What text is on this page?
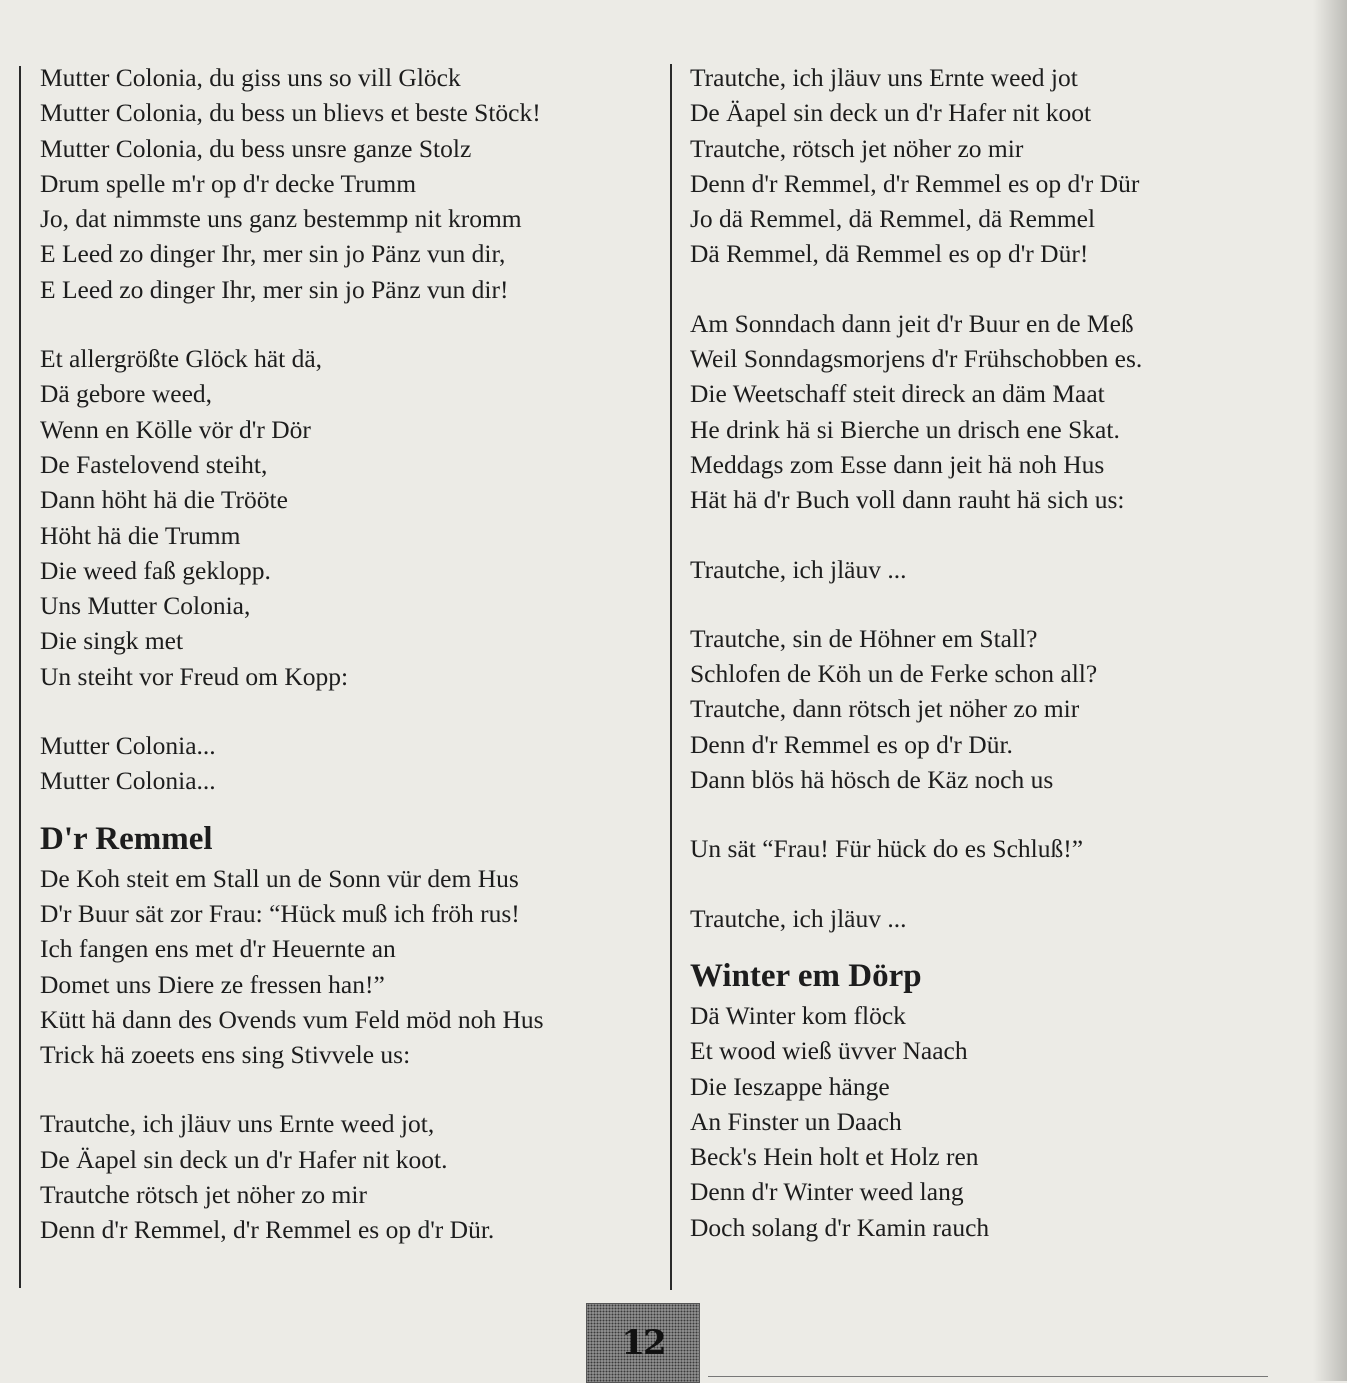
Mutter Colonia, du giss uns so vill Glöck
Mutter Colonia, du bess un blievs et beste Stöck!
Mutter Colonia, du bess unsre ganze Stolz
Drum spelle m'r op d'r decke Trumm
Jo, dat nimmste uns ganz bestemmp nit kromm
E Leed zo dinger Ihr, mer sin jo Pänz vun dir,
E Leed zo dinger Ihr, mer sin jo Pänz vun dir!
Et allergrößte Glöck hät dä,
Dä gebore weed,
Wenn en Kölle vör d'r Dör
De Fastelovend steiht,
Dann höht hä die Trööte
Höht hä die Trumm
Die weed faß geklopp.
Uns Mutter Colonia,
Die singk met
Un steiht vor Freud om Kopp:
Mutter Colonia...
Mutter Colonia...
D'r Remmel
De Koh steit em Stall un de Sonn vür dem Hus
D'r Buur sät zor Frau: “Hück muß ich fröh rus!
Ich fangen ens met d'r Heuernte an
Domet uns Diere ze fressen han!”
Kütt hä dann des Ovends vum Feld möd noh Hus
Trick hä zoeets ens sing Stivvele us:
Trautche, ich jläuv uns Ernte weed jot,
De Äapel sin deck un d'r Hafer nit koot.
Trautche rötsch jet nöher zo mir
Denn d'r Remmel, d'r Remmel es op d'r Dür.
Trautche, ich jläuv uns Ernte weed jot
De Äapel sin deck un d'r Hafer nit koot
Trautche, rötsch jet nöher zo mir
Denn d'r Remmel, d'r Remmel es op d'r Dür
Jo dä Remmel, dä Remmel, dä Remmel
Dä Remmel, dä Remmel es op d'r Dür!
Am Sonndach dann jeit d'r Buur en de Meß
Weil Sonndagsmorjens d'r Frühschobben es.
Die Weetschaff steit direck an däm Maat
He drink hä si Bierche un drisch ene Skat.
Meddags zom Esse dann jeit hä noh Hus
Hät hä d'r Buch voll dann rauht hä sich us:
Trautche, ich jläuv ...
Trautche, sin de Höhner em Stall?
Schlofen de Köh un de Ferke schon all?
Trautche, dann rötsch jet nöher zo mir
Denn d'r Remmel es op d'r Dür.
Dann blös hä hösch de Käz noch us
Un sät “Frau! Für hück do es Schluß!”
Trautche, ich jläuv ...
Winter em Dörp
Dä Winter kom flöck
Et wood wieß üvver Naach
Die Ieszappe hänge
An Finster un Daach
Beck's Hein holt et Holz ren
Denn d'r Winter weed lang
Doch solang d'r Kamin rauch
12
